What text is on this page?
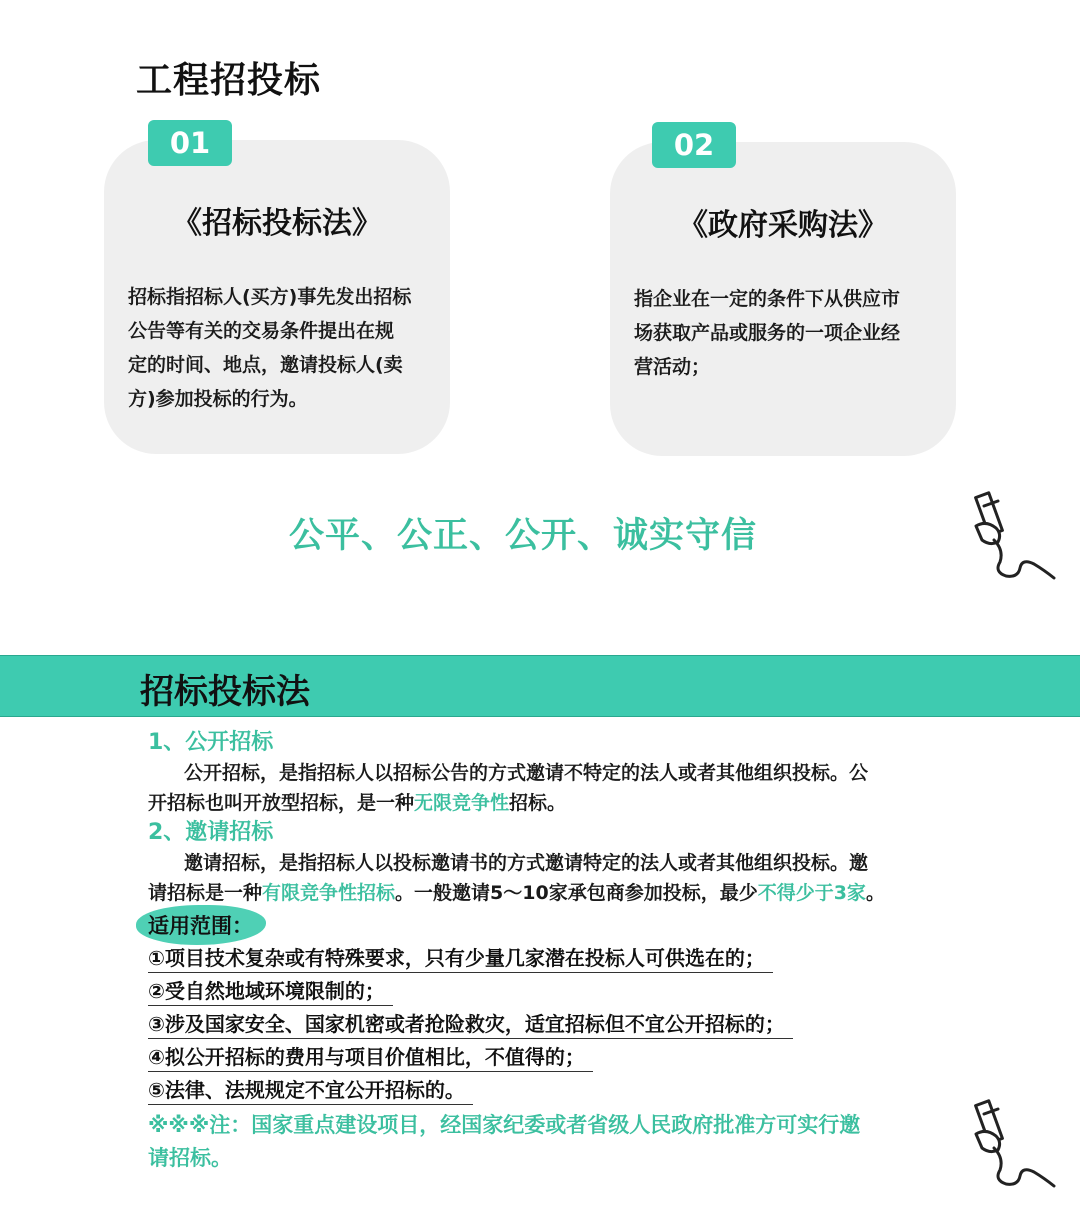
工程招投标
01
《招标投标法》
招标指招标人(买方)事先发出招标
公告等有关的交易条件提出在规
定的时间、地点，邀请投标人(卖
方)参加投标的行为。
02
《政府采购法》
指企业在一定的条件下从供应市
场获取产品或服务的一项企业经
营活动；
公平、公正、公开、诚实守信
招标投标法

1、公开招标

公开招标，是指招标人以招标公告的方式邀请不特定的法人或者其他组织投标。公

开招标也叫开放型招标，是一种无限竞争性招标。

2、邀请招标

邀请招标，是指招标人以投标邀请书的方式邀请特定的法人或者其他组织投标。邀

请招标是一种有限竞争性招标。一般邀请5～10家承包商参加投标，最少不得少于3家。

适用范围：
①项目技术复杂或有特殊要求，只有少量几家潜在投标人可供选在的；
②受自然地域环境限制的；
③涉及国家安全、国家机密或者抢险救灾，适宜招标但不宜公开招标的；
④拟公开招标的费用与项目价值相比，不值得的；
⑤法律、法规规定不宜公开招标的。

※※※注：国家重点建设项目，经国家纪委或者省级人民政府批准方可实行邀
请招标。
